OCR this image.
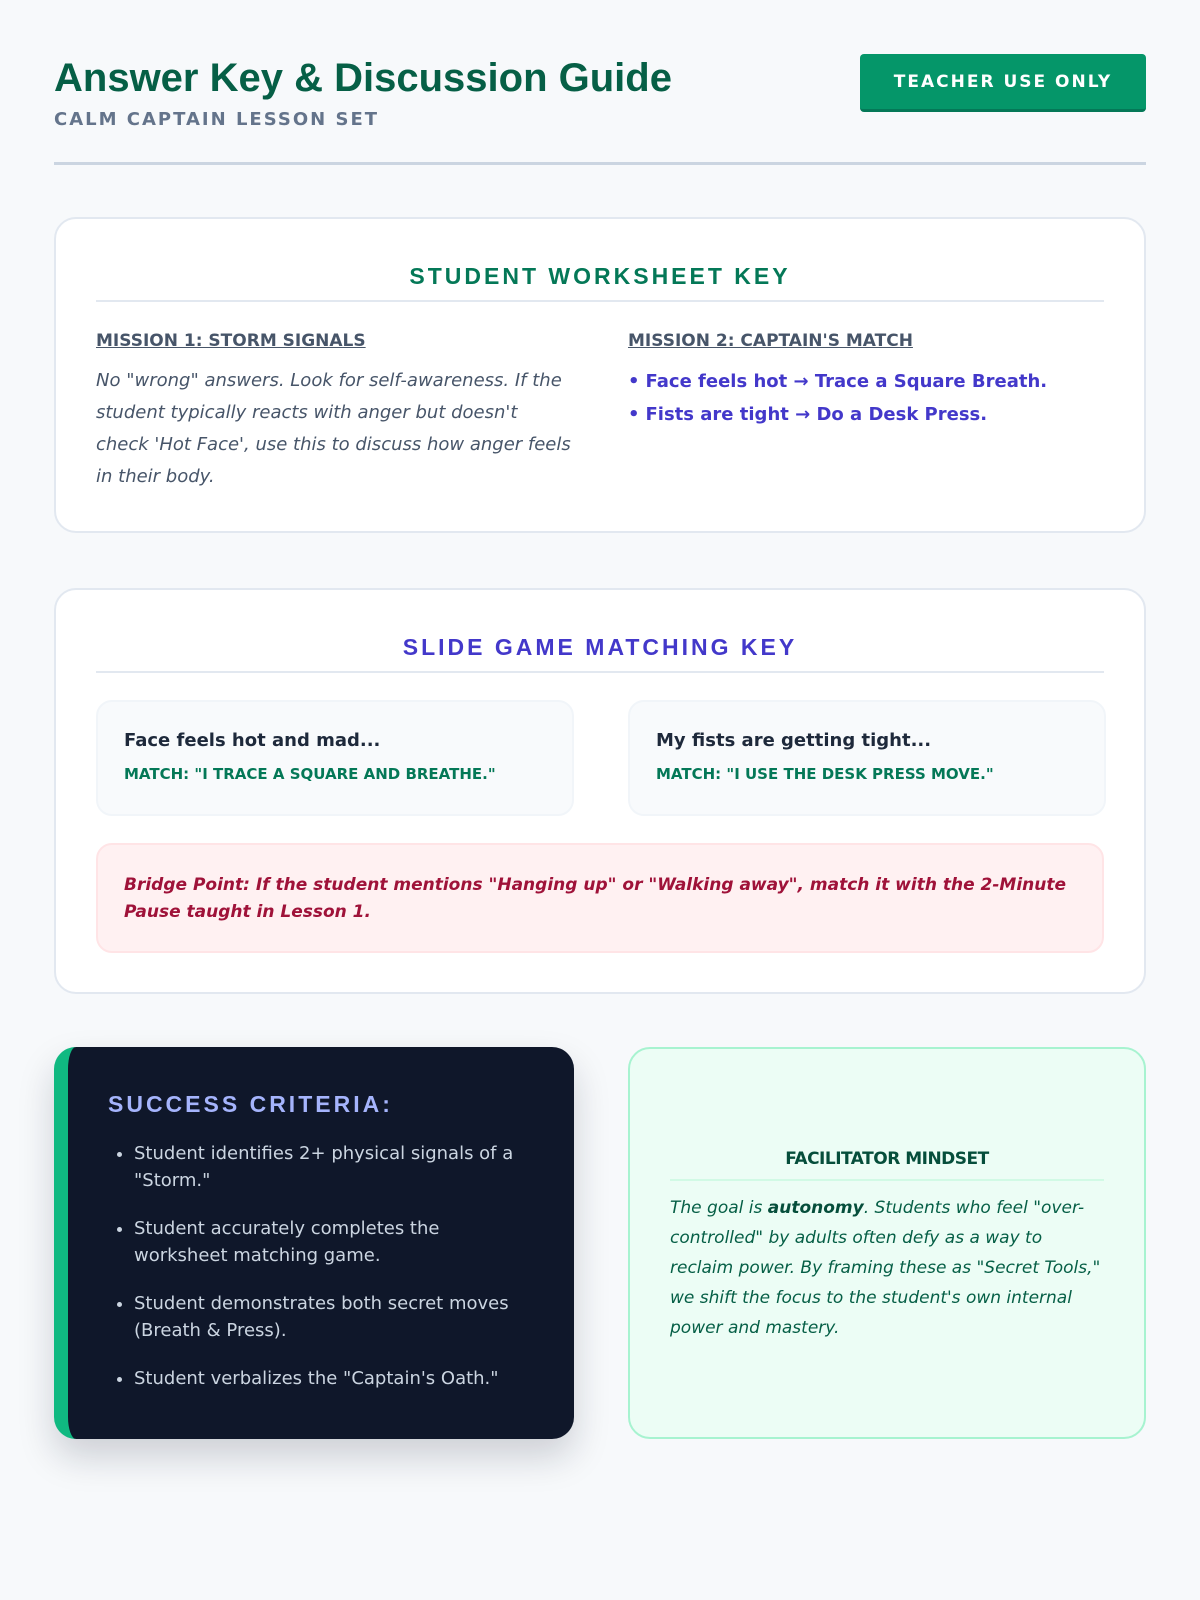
Answer Key & Discussion Guide
CALM CAPTAIN LESSON SET
TEACHER USE ONLY
STUDENT WORKSHEET KEY

MISSION 1: STORM SIGNALS

No "wrong" answers. Look for self-awareness. If the student typically reacts with anger but doesn't check 'Hot Face', use this to discuss how anger feels in their body.

MISSION 2: CAPTAIN'S MATCH

• Face feels hot → Trace a Square Breath.

• Fists are tight → Do a Desk Press.

SLIDE GAME MATCHING KEY

Face feels hot and mad...

MATCH: "I TRACE A SQUARE AND BREATHE."

My fists are getting tight...

MATCH: "I USE THE DESK PRESS MOVE."

Bridge Point: If the student mentions "Hanging up" or "Walking away", match it with the 2-Minute Pause taught in Lesson 1.
SUCCESS CRITERIA:
• Student identifies 2+ physical signals of a "Storm."
• Student accurately completes the worksheet matching game.
• Student demonstrates both secret moves (Breath & Press).
• Student verbalizes the "Captain's Oath."
FACILITATOR MINDSET

The goal is autonomy. Students who feel "over-controlled" by adults often defy as a way to reclaim power. By framing these as "Secret Tools," we shift the focus to the student's own internal power and mastery.
